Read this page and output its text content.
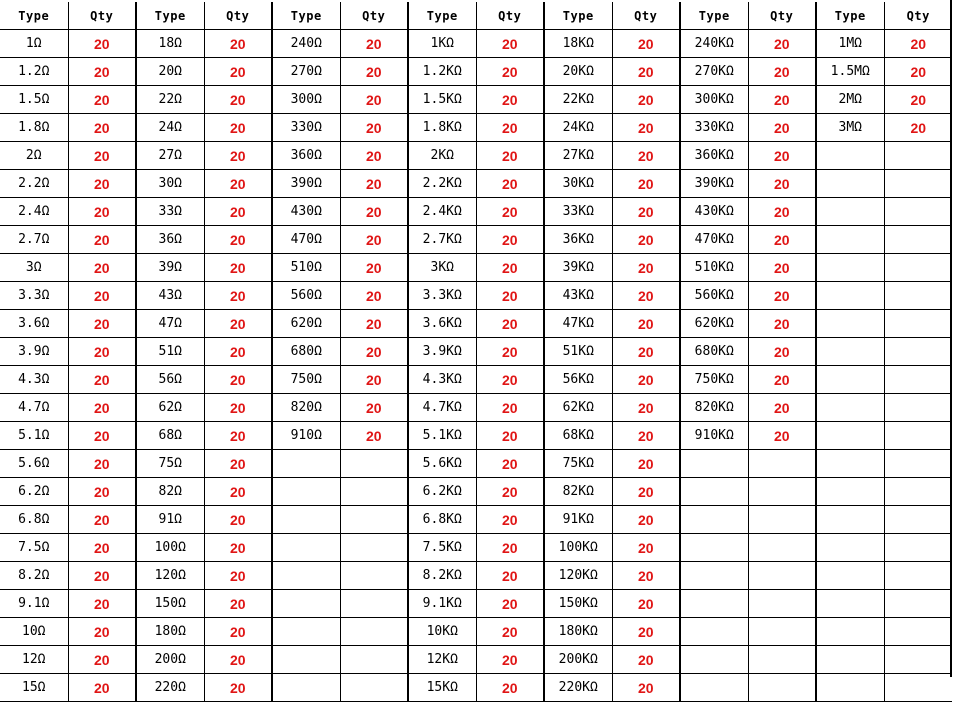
Type	Qty	Type	Qty	Type	Qty	Type	Qty	Type	Qty	Type	Qty	Type	Qty
1Ω	20	18Ω	20	240Ω	20	1KΩ	20	18KΩ	20	240KΩ	20	1MΩ	20
1.2Ω	20	20Ω	20	270Ω	20	1.2KΩ	20	20KΩ	20	270KΩ	20	1.5MΩ	20
1.5Ω	20	22Ω	20	300Ω	20	1.5KΩ	20	22KΩ	20	300KΩ	20	2MΩ	20
1.8Ω	20	24Ω	20	330Ω	20	1.8KΩ	20	24KΩ	20	330KΩ	20	3MΩ	20
2Ω	20	27Ω	20	360Ω	20	2KΩ	20	27KΩ	20	360KΩ	20		
2.2Ω	20	30Ω	20	390Ω	20	2.2KΩ	20	30KΩ	20	390KΩ	20		
2.4Ω	20	33Ω	20	430Ω	20	2.4KΩ	20	33KΩ	20	430KΩ	20		
2.7Ω	20	36Ω	20	470Ω	20	2.7KΩ	20	36KΩ	20	470KΩ	20		
3Ω	20	39Ω	20	510Ω	20	3KΩ	20	39KΩ	20	510KΩ	20		
3.3Ω	20	43Ω	20	560Ω	20	3.3KΩ	20	43KΩ	20	560KΩ	20		
3.6Ω	20	47Ω	20	620Ω	20	3.6KΩ	20	47KΩ	20	620KΩ	20		
3.9Ω	20	51Ω	20	680Ω	20	3.9KΩ	20	51KΩ	20	680KΩ	20		
4.3Ω	20	56Ω	20	750Ω	20	4.3KΩ	20	56KΩ	20	750KΩ	20		
4.7Ω	20	62Ω	20	820Ω	20	4.7KΩ	20	62KΩ	20	820KΩ	20		
5.1Ω	20	68Ω	20	910Ω	20	5.1KΩ	20	68KΩ	20	910KΩ	20		
5.6Ω	20	75Ω	20			5.6KΩ	20	75KΩ	20				
6.2Ω	20	82Ω	20			6.2KΩ	20	82KΩ	20				
6.8Ω	20	91Ω	20			6.8KΩ	20	91KΩ	20				
7.5Ω	20	100Ω	20			7.5KΩ	20	100KΩ	20				
8.2Ω	20	120Ω	20			8.2KΩ	20	120KΩ	20				
9.1Ω	20	150Ω	20			9.1KΩ	20	150KΩ	20				
10Ω	20	180Ω	20			10KΩ	20	180KΩ	20				
12Ω	20	200Ω	20			12KΩ	20	200KΩ	20				
15Ω	20	220Ω	20			15KΩ	20	220KΩ	20				
